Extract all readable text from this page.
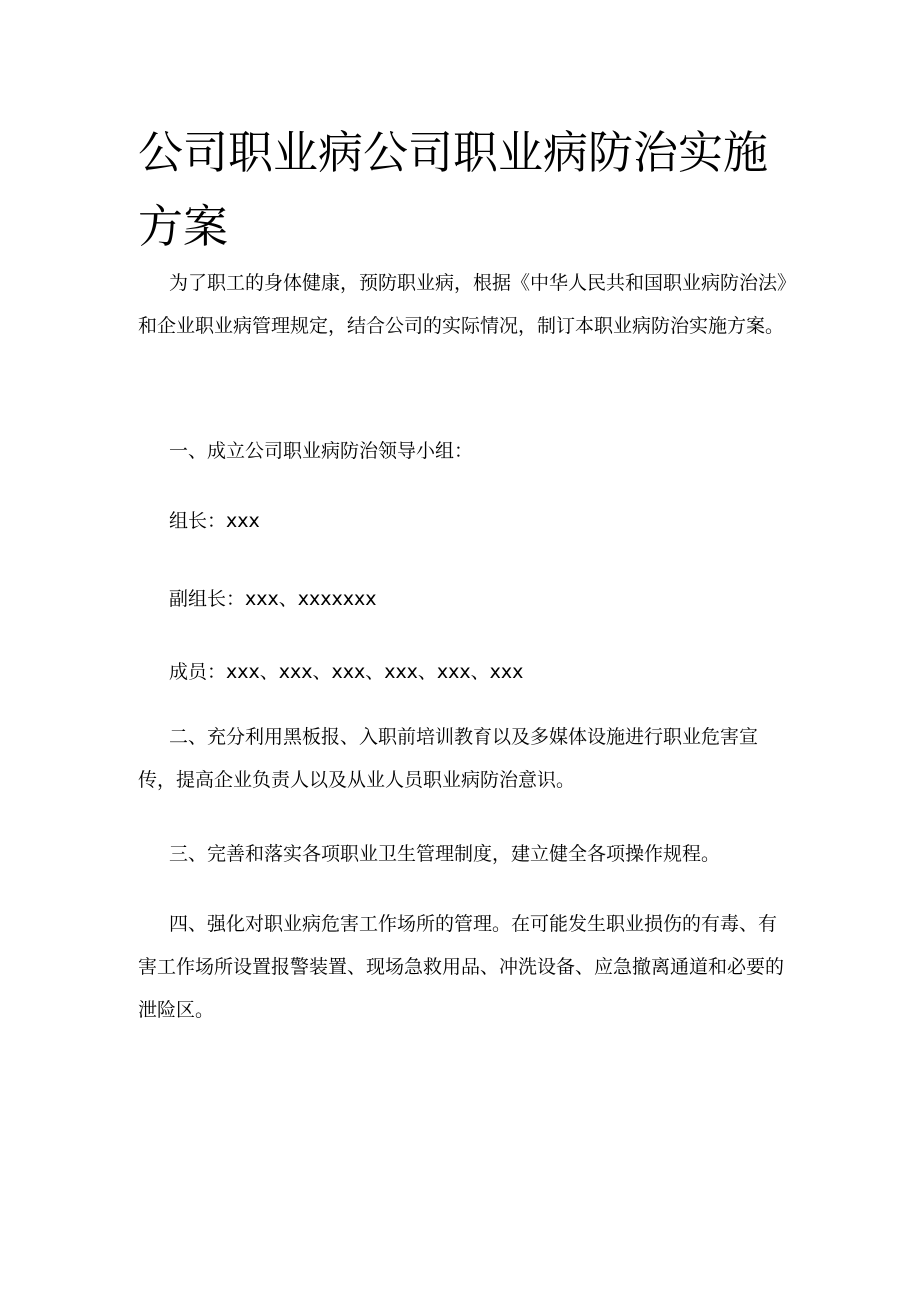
公司职业病公司职业病防治实施方案

为了职工的身体健康，预防职业病，根据《中华人民共和国职业病防治法》和企业职业病管理规定，结合公司的实际情况，制订本职业病防治实施方案。

一、成立公司职业病防治领导小组：

组长：xxx

副组长：xxx、xxxxxxx

成员：xxx、xxx、xxx、xxx、xxx、xxx

二、充分利用黑板报、入职前培训教育以及多媒体设施进行职业危害宣传，提高企业负责人以及从业人员职业病防治意识。

三、完善和落实各项职业卫生管理制度，建立健全各项操作规程。

四、强化对职业病危害工作场所的管理。在可能发生职业损伤的有毒、有害工作场所设置报警装置、现场急救用品、冲洗设备、应急撤离通道和必要的泄险区。
